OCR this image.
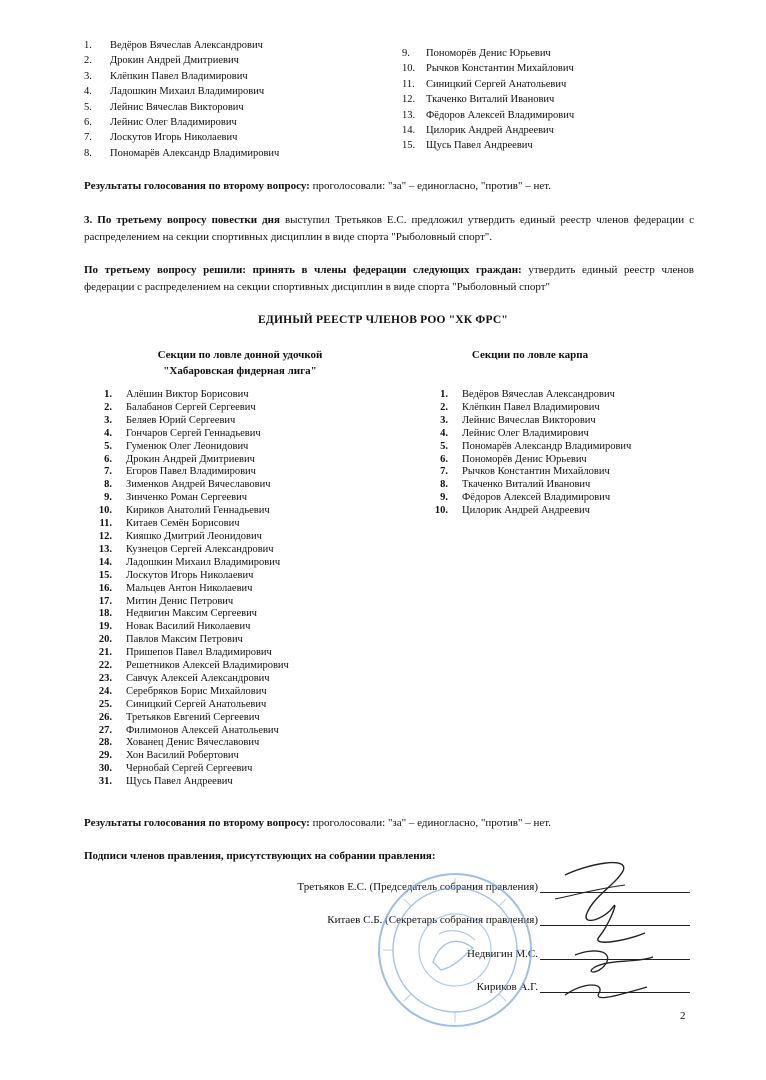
1.	Ведёров Вячеслав Александрович
2.	Дрокин Андрей Дмитриевич
3.	Клёпкин Павел Владимирович
4.	Ладошкин Михаил Владимирович
5.	Лейнис Вячеслав Викторович
6.	Лейнис Олег Владимирович
7.	Лоскутов Игорь Николаевич
8.	Пономарёв Александр Владимирович
9.	Пономорёв Денис Юрьевич
10.	Рычков Константин Михайлович
11.	Синицкий Сергей Анатольевич
12.	Ткаченко Виталий Иванович
13.	Фёдоров Алексей Владимирович
14.	Цилорик Андрей Андреевич
15.	Щусь Павел Андреевич
Результаты голосования по второму вопросу: проголосовали: "за" – единогласно, "против" – нет.
3. По третьему вопросу повестки дня выступил Третьяков Е.С. предложил утвердить единый реестр членов федерации с распределением на секции спортивных дисциплин в виде спорта "Рыболовный спорт".
По третьему вопросу решили: принять в члены федерации следующих граждан: утвердить единый реестр членов федерации с распределением на секции спортивных дисциплин в виде спорта "Рыболовный спорт"
ЕДИНЫЙ РЕЕСТР ЧЛЕНОВ РОО "ХК ФРС"
Секции по ловле донной удочкой
"Хабаровская фидерная лига"
Секции по ловле карпа
1.	Алёшин Виктор Борисович
2.	Балабанов Сергей Сергеевич
3.	Беляев Юрий Сергеевич
4.	Гончаров Сергей Геннадьевич
5.	Гуменюк Олег Леонидович
6.	Дрокин Андрей Дмитриевич
7.	Егоров Павел Владимирович
8.	Зименков Андрей Вячеславович
9.	Зинченко Роман Сергеевич
10.	Кириков Анатолий Геннадьевич
11.	Китаев Семён Борисович
12.	Кияшко Дмитрий Леонидович
13.	Кузнецов Сергей Александрович
14.	Ладошкин Михаил Владимирович
15.	Лоскутов Игорь Николаевич
16.	Мальцев Антон Николаевич
17.	Митин Денис Петрович
18.	Недвигин Максим Сергеевич
19.	Новак Василий Николаевич
20.	Павлов Максим Петрович
21.	Пришепов Павел Владимирович
22.	Решетников Алексей Владимирович
23.	Савчук Алексей Александрович
24.	Серебряков Борис Михайлович
25.	Синицкий Сергей Анатольевич
26.	Третьяков Евгений Сергеевич
27.	Филимонов Алексей Анатольевич
28.	Хованец Денис Вячеславович
29.	Хон Василий Робертович
30.	Чернобай Сергей Сергеевич
31.	Щусь Павел Андреевич
1.	Ведёров Вячеслав Александрович
2.	Клёпкин Павел Владимирович
3.	Лейнис Вячеслав Викторович
4.	Лейнис Олег Владимирович
5.	Пономарёв Александр Владимирович
6.	Пономорёв Денис Юрьевич
7.	Рычков Константин Михайлович
8.	Ткаченко Виталий Иванович
9.	Фёдоров Алексей Владимирович
10.	Цилорик Андрей Андреевич
Результаты голосования по второму вопросу: проголосовали: "за" – единогласно, "против" – нет.
Подписи членов правления, присутствующих на собрании правления:
Третьяков Е.С. (Председатель собрания правления)
Китаев С.Б. (Секретарь собрания правления)
Недвигин М.С.
Кириков А.Г.
2
